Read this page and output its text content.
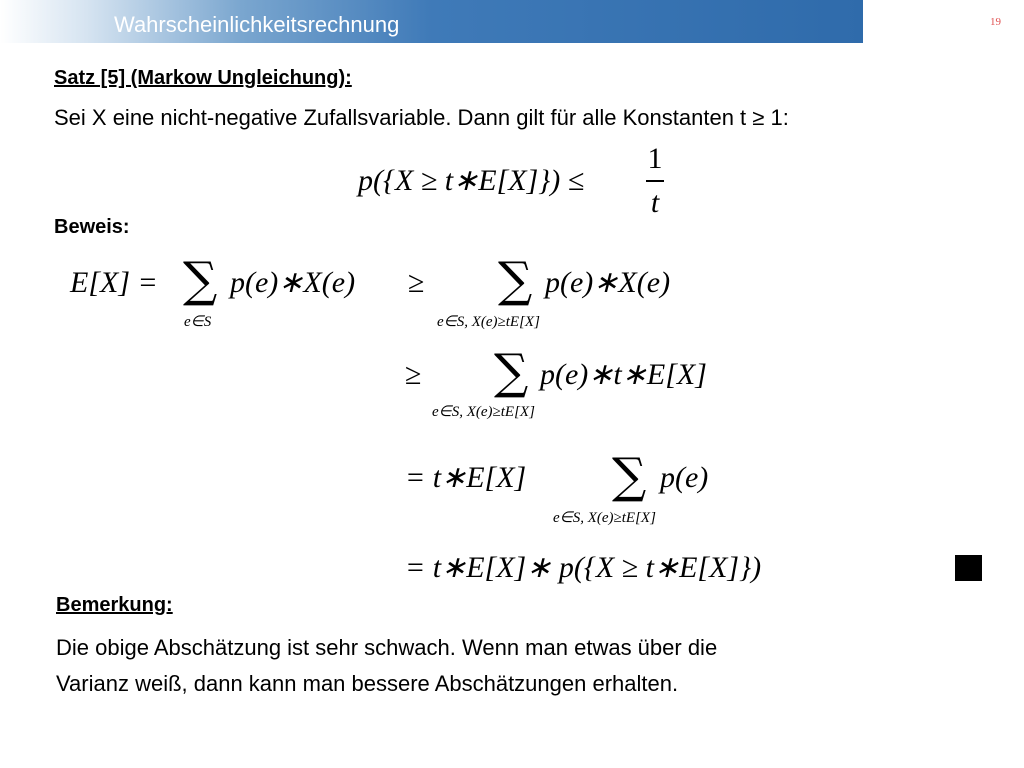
Wahrscheinlichkeitsrechnung	19
Satz [5] (Markow Ungleichung):
Sei X eine nicht-negative Zufallsvariable. Dann gilt für alle Konstanten t ≥ 1:
p({X ≥ t∗E[X]}) ≤
1
t
Beweis:
E[X] = ∑
e∈S
p(e)∗X(e) ≥ ∑
e∈S, X(e)≥tE[X]
p(e)∗X(e)
≥ ∑
e∈S, X(e)≥tE[X]
p(e)∗t∗E[X]
= t∗E[X] ∑
e∈S, X(e)≥tE[X]
p(e)
= t∗E[X]∗ p({X ≥ t∗E[X]})
Bemerkung:
Die obige Abschätzung ist sehr schwach. Wenn man etwas über die
Varianz weiß, dann kann man bessere Abschätzungen erhalten.
